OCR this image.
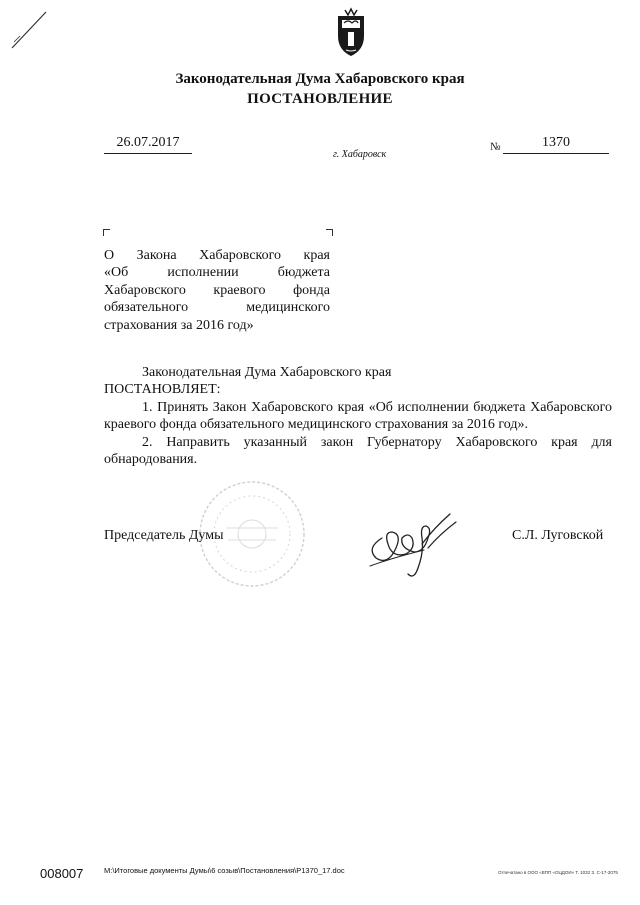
Законодательная Дума Хабаровского края
ПОСТАНОВЛЕНИЕ
26.07.2017
г. Хабаровск
№	1370
О Закона Хабаровского края
«Об исполнении бюджета
Хабаровского краевого фонда
обязательного медицинского
страхования за 2016 год»

Законодательная Дума Хабаровского края

ПОСТАНОВЛЯЕТ:

1. Принять Закон Хабаровского края «Об исполнении бюджета Хабаровского краевого фонда обязательного медицинского страхования за 2016 год».

2. Направить указанный закон Губернатору Хабаровского края для обнародования.

Председатель Думы	С.Л. Луговской
008007	M:\Итоговые документы Думы\6 созыв\Постановления\P1370_17.doc	Отпечатано в ООО «ВПП «ОЦДОИ» Т. 1032 З. С-17-2075
